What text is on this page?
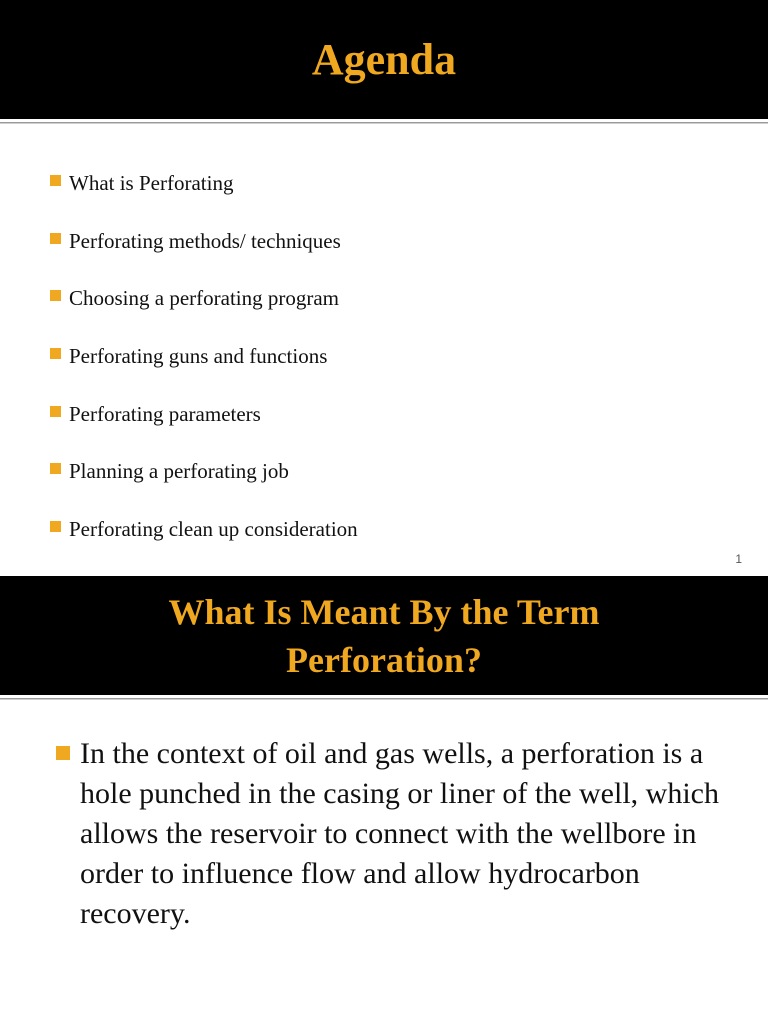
Agenda
What is Perforating
Perforating methods/ techniques
Choosing a perforating program
Perforating guns and functions
Perforating parameters
Planning a perforating job
Perforating clean up consideration
1
What Is Meant By the Term
Perforation?
In the context of oil and gas wells, a perforation is a hole punched in the casing or liner of the well, which allows the reservoir to connect with the wellbore in order to influence flow and allow hydrocarbon recovery.
